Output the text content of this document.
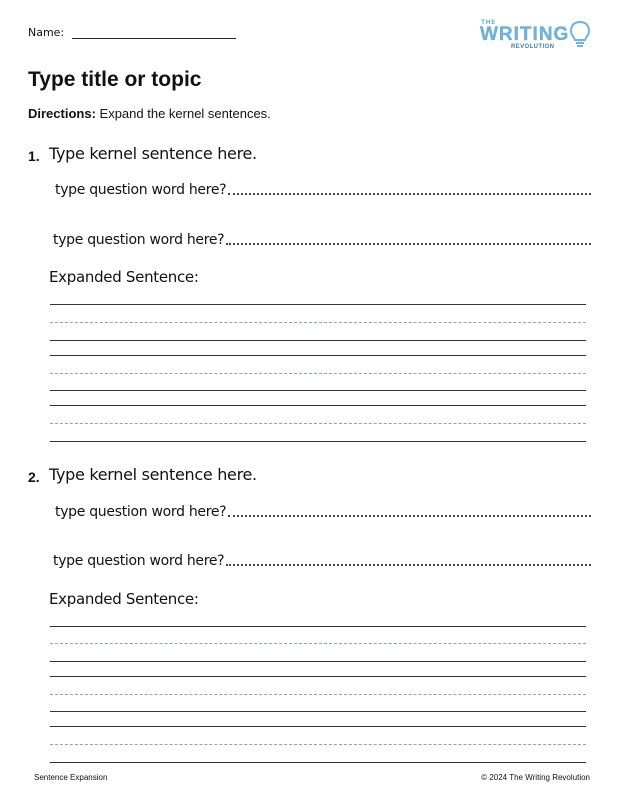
Name:
THE
WRITING
REVOLUTION
Type title or topic
Directions: Expand the kernel sentences.
1. Type kernel sentence here.
type question word here?
type question word here?
Expanded Sentence:
2. Type kernel sentence here.
type question word here?
type question word here?
Expanded Sentence:
Sentence Expansion	© 2024 The Writing Revolution
